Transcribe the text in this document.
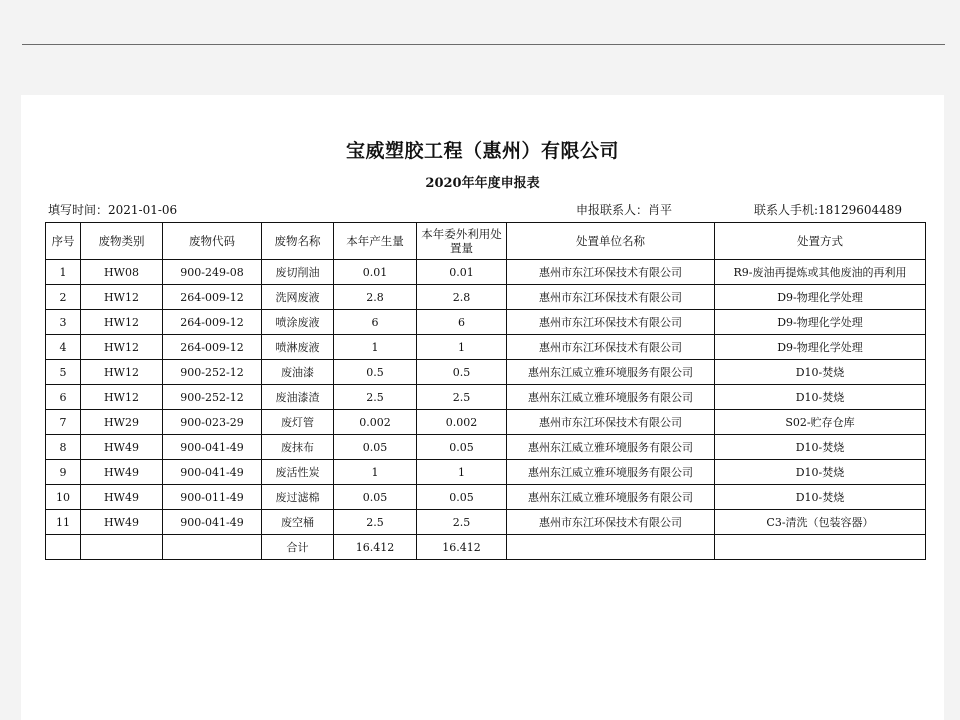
宝威塑胶工程（惠州）有限公司
2020年年度申报表
填写时间：2021-01-06	申报联系人：肖平	联系人手机:18129604489
序号	废物类别	废物代码	废物名称	本年产生量	本年委外利用处置量	处置单位名称	处置方式
1	HW08	900-249-08	废切削油	0.01	0.01	惠州市东江环保技术有限公司	R9-废油再提炼或其他废油的再利用
2	HW12	264-009-12	洗网废液	2.8	2.8	惠州市东江环保技术有限公司	D9-物理化学处理
3	HW12	264-009-12	喷涂废液	6	6	惠州市东江环保技术有限公司	D9-物理化学处理
4	HW12	264-009-12	喷淋废液	1	1	惠州市东江环保技术有限公司	D9-物理化学处理
5	HW12	900-252-12	废油漆	0.5	0.5	惠州东江威立雅环境服务有限公司	D10-焚烧
6	HW12	900-252-12	废油漆渣	2.5	2.5	惠州东江威立雅环境服务有限公司	D10-焚烧
7	HW29	900-023-29	废灯管	0.002	0.002	惠州市东江环保技术有限公司	S02-贮存仓库
8	HW49	900-041-49	废抹布	0.05	0.05	惠州东江威立雅环境服务有限公司	D10-焚烧
9	HW49	900-041-49	废活性炭	1	1	惠州东江威立雅环境服务有限公司	D10-焚烧
10	HW49	900-011-49	废过滤棉	0.05	0.05	惠州东江威立雅环境服务有限公司	D10-焚烧
11	HW49	900-041-49	废空桶	2.5	2.5	惠州市东江环保技术有限公司	C3-清洗（包装容器）
			合计	16.412	16.412		
